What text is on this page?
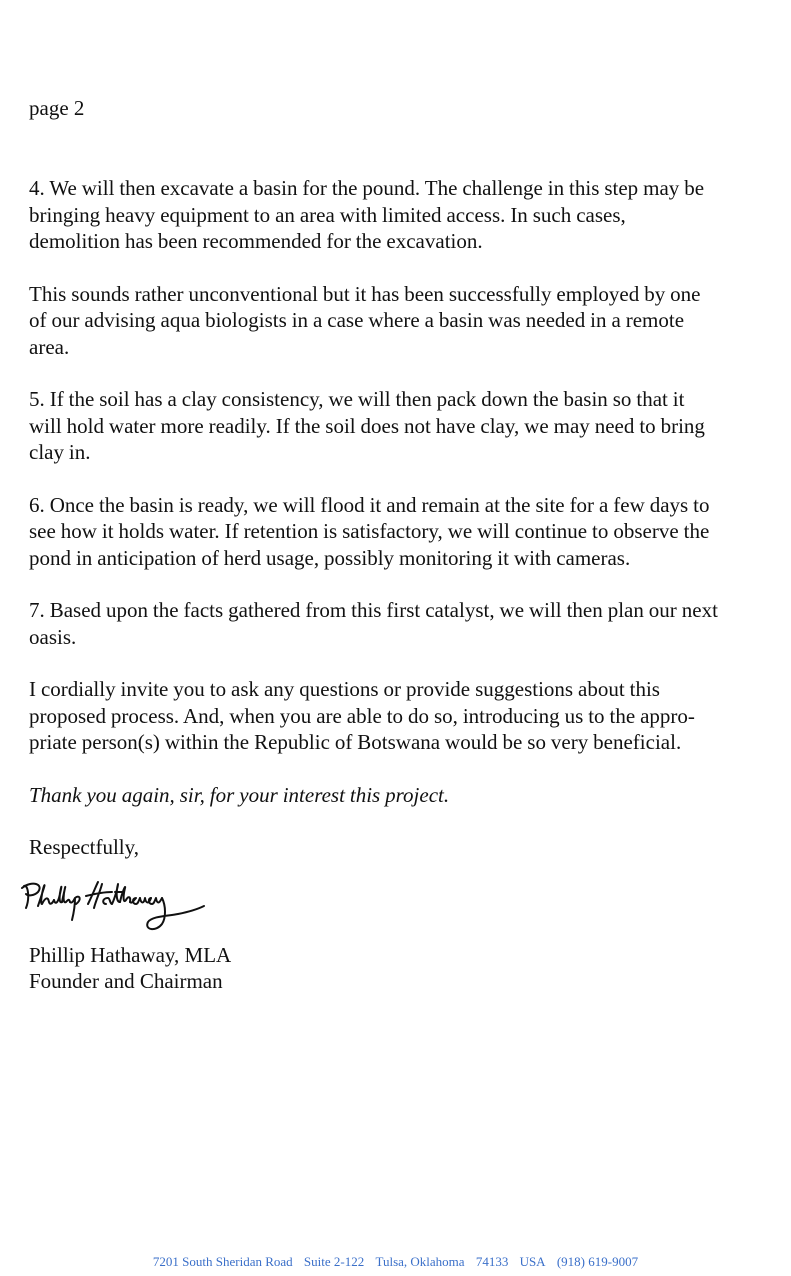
page 2

4. We will then excavate a basin for the pound. The challenge in this step may be
bringing heavy equipment to an area with limited access. In such cases,
demolition has been recommended for the excavation.

This sounds rather unconventional but it has been successfully employed by one
of our advising aqua biologists in a case where a basin was needed in a remote
area.

5. If the soil has a clay consistency, we will then pack down the basin so that it
will hold water more readily. If the soil does not have clay, we may need to bring
clay in.

6. Once the basin is ready, we will flood it and remain at the site for a few days to
see how it holds water. If retention is satisfactory, we will continue to observe the
pond in anticipation of herd usage, possibly monitoring it with cameras.

7. Based upon the facts gathered from this first catalyst, we will then plan our next
oasis.

I cordially invite you to ask any questions or provide suggestions about this
proposed process. And, when you are able to do so, introducing us to the appro-
priate person(s) within the Republic of Botswana would be so very beneficial.

Thank you again, sir, for your interest this project.

Respectfully,

Phillip Hathaway, MLA

Founder and Chairman

7201 South Sheridan Road Suite 2-122 Tulsa, Oklahoma 74133 USA (918) 619-9007
